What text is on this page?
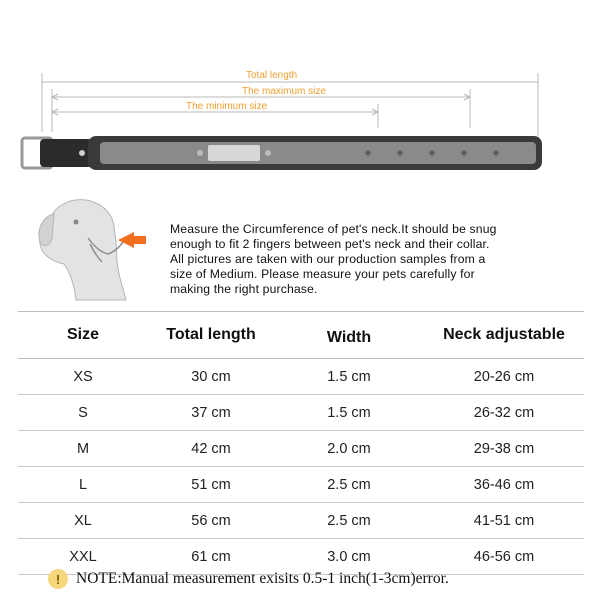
Total length
The maximum size
The minimum size

Measure the Circumference of pet's neck.It should be snug

enough to fit 2 fingers between pet's neck and their collar.

All pictures are taken with our production samples from a

size of Medium. Please measure your pets carefully for

making the right purchase.

Size	Total length	Width	Neck adjustable
XS	30 cm	1.5 cm	20-26 cm
S	37 cm	1.5 cm	26-32 cm
M	42 cm	2.0 cm	29-38 cm
L	51 cm	2.5 cm	36-46 cm
XL	56 cm	2.5 cm	41-51 cm
XXL	61 cm	3.0 cm	46-56 cm
!	NOTE:Manual measurement exisits 0.5-1 inch(1-3cm)error.
